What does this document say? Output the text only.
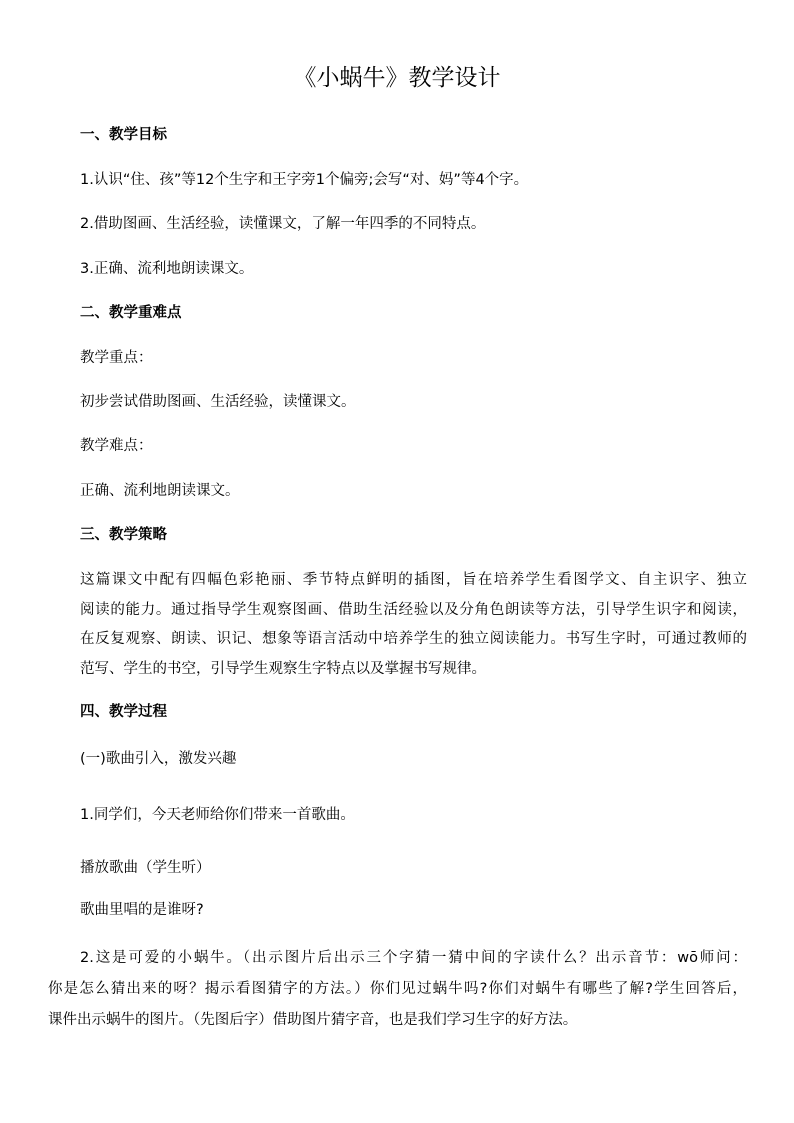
《小蜗牛》教学设计
一、教学目标
1.认识“住、孩”等12个生字和王字旁1个偏旁;会写“对、妈”等4个字。
2.借助图画、生活经验，读懂课文，了解一年四季的不同特点。
3.正确、流利地朗读课文。
二、教学重难点
教学重点：
初步尝试借助图画、生活经验，读懂课文。
教学难点：
正确、流利地朗读课文。
三、教学策略
这篇课文中配有四幅色彩艳丽、季节特点鲜明的插图，旨在培养学生看图学文、自主识字、独立
阅读的能力。通过指导学生观察图画、借助生活经验以及分角色朗读等方法，引导学生识字和阅读，
在反复观察、朗读、识记、想象等语言活动中培养学生的独立阅读能力。书写生字时，可通过教师的
范写、学生的书空，引导学生观察生字特点以及掌握书写规律。
四、教学过程
(一)歌曲引入，激发兴趣
1.同学们，今天老师给你们带来一首歌曲。
播放歌曲（学生听）
歌曲里唱的是谁呀?
2.这是可爱的小蜗牛。（出示图片后出示三个字猜一猜中间的字读什么？出示音节：wō师问：
你是怎么猜出来的呀？揭示看图猜字的方法。）你们见过蜗牛吗?你们对蜗牛有哪些了解?学生回答后，
课件出示蜗牛的图片。（先图后字）借助图片猜字音，也是我们学习生字的好方法。
